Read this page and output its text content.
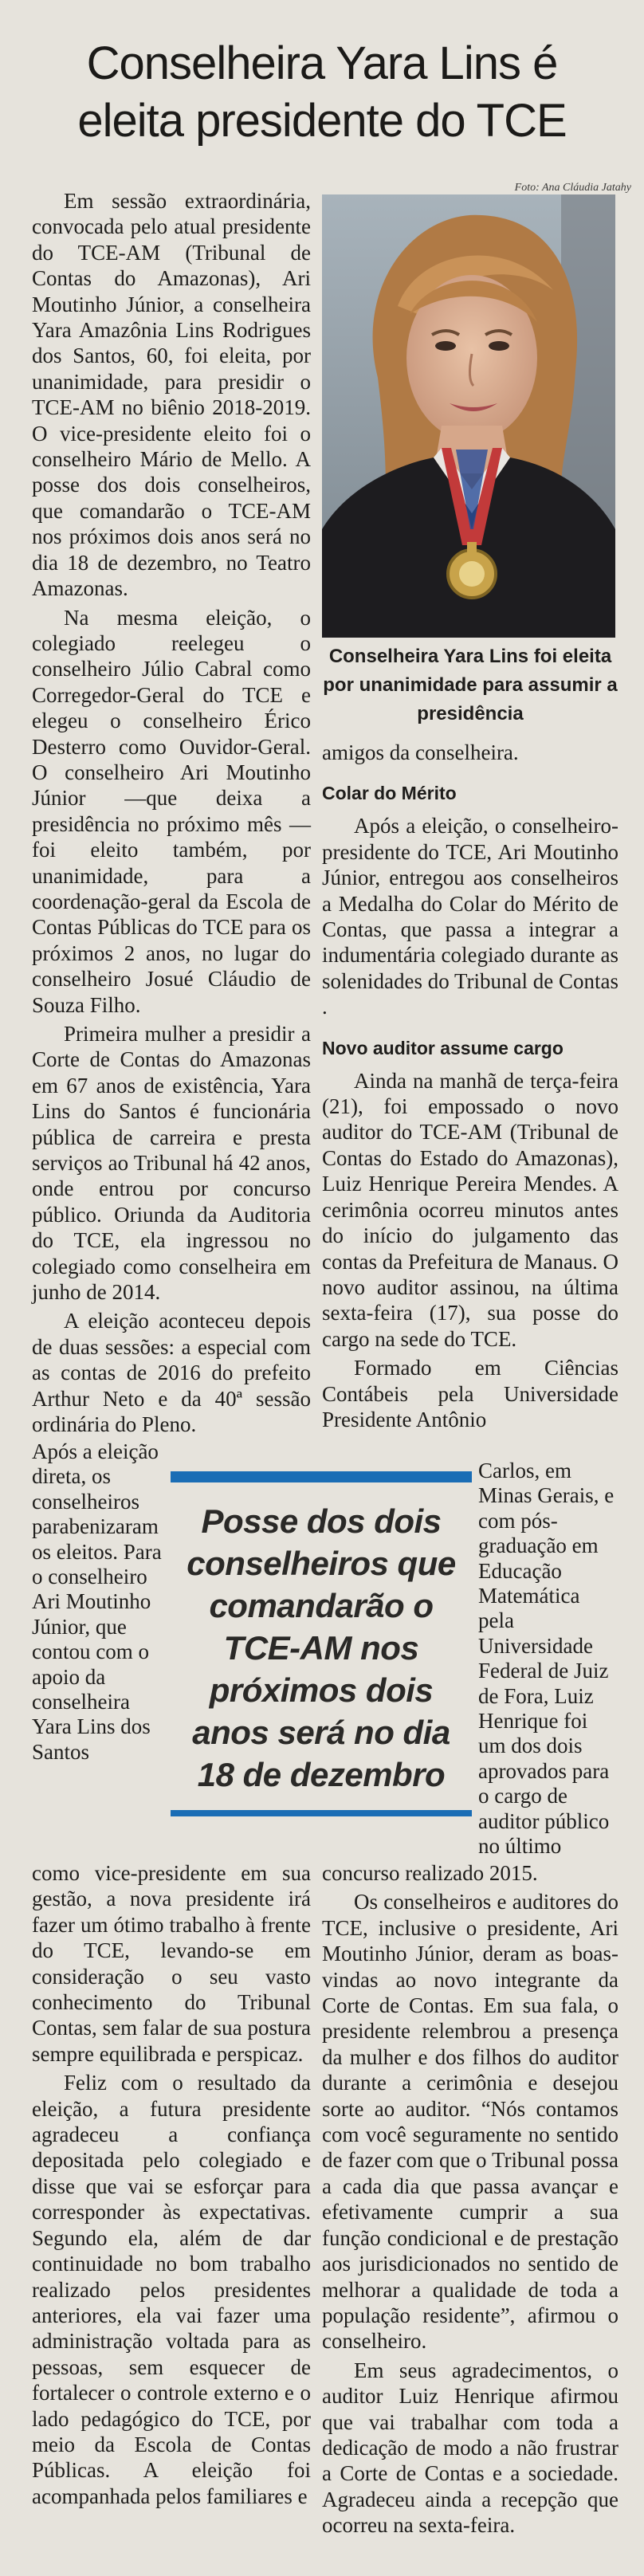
Conselheira Yara Lins é eleita presidente do TCE
Foto: Ana Cláudia Jatahy
Conselheira Yara Lins foi eleita por unanimidade para assumir a presidência

Em sessão extraordinária, convocada pelo atual presidente do TCE-AM (Tribunal de Contas do Amazonas), Ari Moutinho Júnior, a conselheira Yara Amazônia Lins Rodrigues dos Santos, 60, foi eleita, por unanimidade, para presidir o TCE-AM no biênio 2018-2019. O vice-presidente eleito foi o conselheiro Mário de Mello. A posse dos dois conselheiros, que comandarão o TCE-AM nos próximos dois anos será no dia 18 de dezembro, no Teatro Amazonas.

Na mesma eleição, o colegiado reelegeu o conselheiro Júlio Cabral como Corregedor-Geral do TCE e elegeu o conselheiro Érico Desterro como Ouvidor-Geral. O conselheiro Ari Moutinho Júnior —que deixa a presidência no próximo mês —foi eleito também, por unanimidade, para a coordenação-geral da Escola de Contas Públicas do TCE para os próximos 2 anos, no lugar do conselheiro Josué Cláudio de Souza Filho.

Primeira mulher a presidir a Corte de Contas do Amazonas em 67 anos de existência, Yara Lins do Santos é funcionária pública de carreira e presta serviços ao Tribunal há 42 anos, onde entrou por concurso público. Oriunda da Auditoria do TCE, ela ingressou no colegiado como conselheira em junho de 2014.

A eleição aconteceu depois de duas sessões: a especial com as contas de 2016 do prefeito Arthur Neto e da 40ª sessão ordinária do Pleno.

Após a eleição direta, os conselheiros parabenizaram os eleitos. Para o conselheiro Ari Moutinho Júnior, que contou com o apoio da conselheira Yara Lins dos Santos

Posse dos dois conselheiros que comandarão o TCE-AM nos próximos dois anos será no dia 18 de dezembro

amigos da conselheira.

Colar do Mérito

Após a eleição, o conselheiro-presidente do TCE, Ari Moutinho Júnior, entregou aos conselheiros a Medalha do Colar do Mérito de Contas, que passa a integrar a indumentária colegiado durante as solenidades do Tribunal de Contas .

Novo auditor assume cargo

Ainda na manhã de terça-feira (21), foi empossado o novo auditor do TCE-AM (Tribunal de Contas do Estado do Amazonas), Luiz Henrique Pereira Mendes. A cerimônia ocorreu minutos antes do início do julgamento das contas da Prefeitura de Manaus. O novo auditor assinou, na última sexta-feira (17), sua posse do cargo na sede do TCE.

Formado em Ciências Contábeis pela Universidade Presidente Antônio

Carlos, em Minas Gerais, e com pós-graduação em Educação Matemática pela Universidade Federal de Juiz de Fora, Luiz Henrique foi um dos dois aprovados para o cargo de auditor público no último

como vice-presidente em sua gestão, a nova presidente irá fazer um ótimo trabalho à frente do TCE, levando-se em consideração o seu vasto conhecimento do Tribunal Contas, sem falar de sua postura sempre equilibrada e perspicaz.

Feliz com o resultado da eleição, a futura presidente agradeceu a confiança depositada pelo colegiado e disse que vai se esforçar para corresponder às expectativas. Segundo ela, além de dar continuidade no bom trabalho realizado pelos presidentes anteriores, ela vai fazer uma administração voltada para as pessoas, sem esquecer de fortalecer o controle externo e o lado pedagógico do TCE, por meio da Escola de Contas Públicas. A eleição foi acompanhada pelos familiares e

concurso realizado 2015.

Os conselheiros e auditores do TCE, inclusive o presidente, Ari Moutinho Júnior, deram as boas-vindas ao novo integrante da Corte de Contas. Em sua fala, o presidente relembrou a presença da mulher e dos filhos do auditor durante a cerimônia e desejou sorte ao auditor. “Nós contamos com você seguramente no sentido de fazer com que o Tribunal possa a cada dia que passa avançar e efetivamente cumprir a sua função condicional e de prestação aos jurisdicionados no sentido de melhorar a qualidade de toda a população residente”, afirmou o conselheiro.

Em seus agradecimentos, o auditor Luiz Henrique afirmou que vai trabalhar com toda a dedicação de modo a não frustrar a Corte de Contas e a sociedade. Agradeceu ainda a recepção que ocorreu na sexta-feira.
